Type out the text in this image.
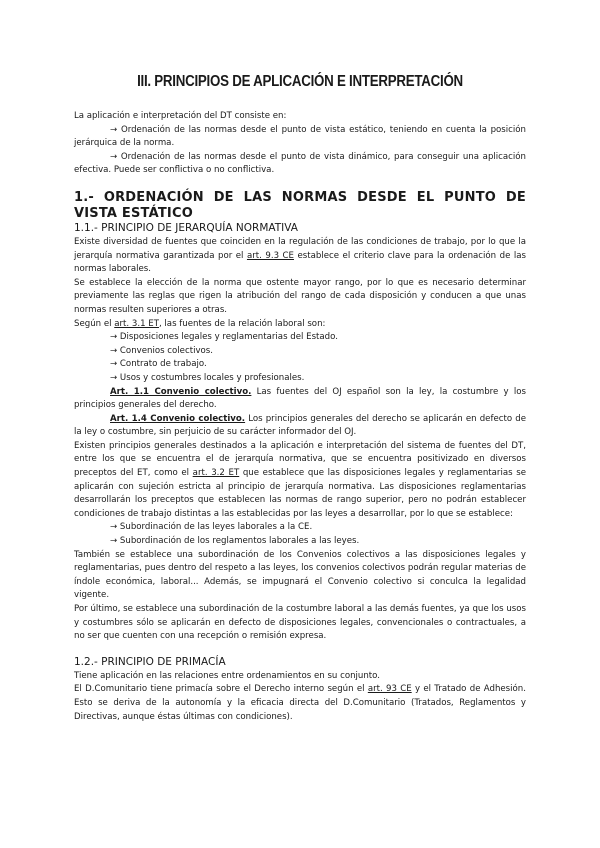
III. PRINCIPIOS DE APLICACIÓN E INTERPRETACIÓN

La aplicación e interpretación del DT consiste en:

→ Ordenación de las normas desde el punto de vista estático, teniendo en cuenta la posición jerárquica de la norma.

→ Ordenación de las normas desde el punto de vista dinámico, para conseguir una aplicación efectiva. Puede ser conflictiva o no conflictiva.

1.- ORDENACIÓN DE LAS NORMAS DESDE EL PUNTO DE VISTA ESTÁTICO
1.1.- PRINCIPIO DE JERARQUÍA NORMATIVA

Existe diversidad de fuentes que coinciden en la regulación de las condiciones de trabajo, por lo que la jerarquía normativa garantizada por el art. 9.3 CE establece el criterio clave para la ordenación de las normas laborales.

Se establece la elección de la norma que ostente mayor rango, por lo que es necesario determinar previamente las reglas que rigen la atribución del rango de cada disposición y conducen a que unas normas resulten superiores a otras.

Según el art. 3.1 ET, las fuentes de la relación laboral son:

→ Disposiciones legales y reglamentarias del Estado.

→ Convenios colectivos.

→ Contrato de trabajo.

→ Usos y costumbres locales y profesionales.

Art. 1.1 Convenio colectivo. Las fuentes del OJ español son la ley, la costumbre y los principios generales del derecho.

Art. 1.4 Convenio colectivo. Los principios generales del derecho se aplicarán en defecto de la ley o costumbre, sin perjuicio de su carácter informador del OJ.

Existen principios generales destinados a la aplicación e interpretación del sistema de fuentes del DT, entre los que se encuentra el de jerarquía normativa, que se encuentra positivizado en diversos preceptos del ET, como el art. 3.2 ET que establece que las disposiciones legales y reglamentarias se aplicarán con sujeción estricta al principio de jerarquía normativa. Las disposiciones reglamentarias desarrollarán los preceptos que establecen las normas de rango superior, pero no podrán establecer condiciones de trabajo distintas a las establecidas por las leyes a desarrollar, por lo que se establece:

→ Subordinación de las leyes laborales a la CE.

→ Subordinación de los reglamentos laborales a las leyes.

También se establece una subordinación de los Convenios colectivos a las disposiciones legales y reglamentarias, pues dentro del respeto a las leyes, los convenios colectivos podrán regular materias de índole económica, laboral... Además, se impugnará el Convenio colectivo si conculca la legalidad vigente.

Por último, se establece una subordinación de la costumbre laboral a las demás fuentes, ya que los usos y costumbres sólo se aplicarán en defecto de disposiciones legales, convencionales o contractuales, a no ser que cuenten con una recepción o remisión expresa.

1.2.- PRINCIPIO DE PRIMACÍA

Tiene aplicación en las relaciones entre ordenamientos en su conjunto.

El D.Comunitario tiene primacía sobre el Derecho interno según el art. 93 CE y el Tratado de Adhesión. Esto se deriva de la autonomía y la eficacia directa del D.Comunitario (Tratados, Reglamentos y Directivas, aunque éstas últimas con condiciones).
